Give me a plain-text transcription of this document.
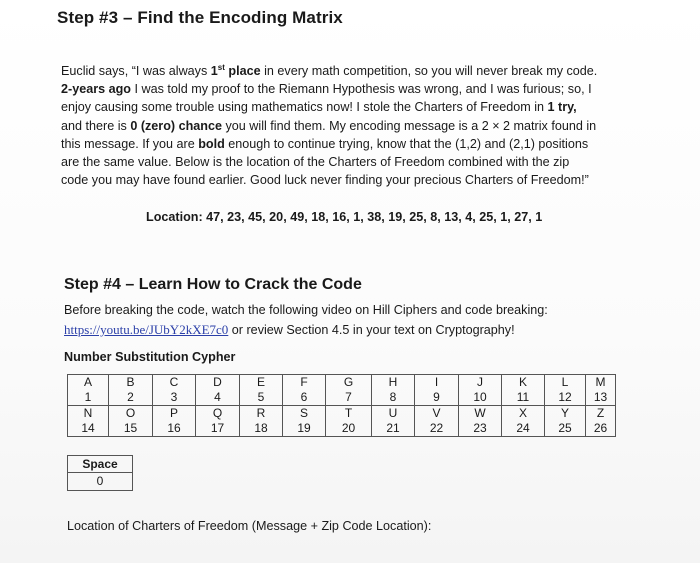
Step #3 – Find the Encoding Matrix

Euclid says, “I was always 1st place in every math competition, so you will never break my code.

2-years ago I was told my proof to the Riemann Hypothesis was wrong, and I was furious; so, I

enjoy causing some trouble using mathematics now! I stole the Charters of Freedom in 1 try,

and there is 0 (zero) chance you will find them. My encoding message is a 2 × 2 matrix found in

this message. If you are bold enough to continue trying, know that the (1,2) and (2,1) positions

are the same value. Below is the location of the Charters of Freedom combined with the zip

code you may have found earlier. Good luck never finding your precious Charters of Freedom!”

Location: 47, 23, 45, 20, 49, 18, 16, 1, 38, 19, 25, 8, 13, 4, 25, 1, 27, 1
Step #4 – Learn How to Crack the Code

Before breaking the code, watch the following video on Hill Ciphers and code breaking:

https://youtu.be/JUbY2kXE7c0 or review Section 4.5 in your text on Cryptography!

Number Substitution Cypher
A	B	C	D	E	F	G	H	I	J	K	L	M
1	2	3	4	5	6	7	8	9	10	11	12	13
N	O	P	Q	R	S	T	U	V	W	X	Y	Z
14	15	16	17	18	19	20	21	22	23	24	25	26
Space
0
Location of Charters of Freedom (Message + Zip Code Location):
